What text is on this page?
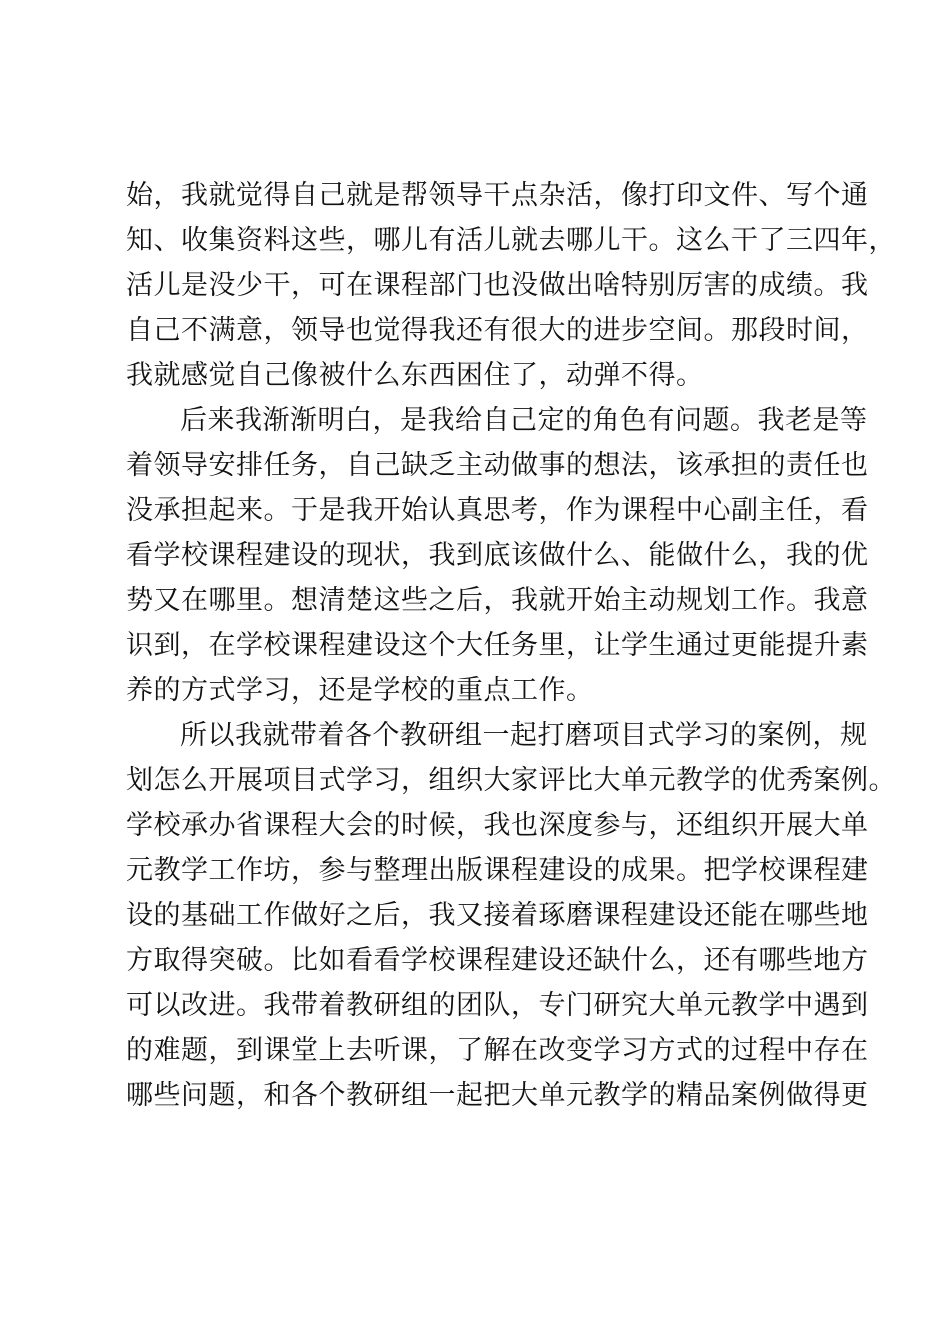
始，我就觉得自己就是帮领导干点杂活，像打印文件、写个通
知、收集资料这些，哪儿有活儿就去哪儿干。这么干了三四年，
活儿是没少干，可在课程部门也没做出啥特别厉害的成绩。我
自己不满意，领导也觉得我还有很大的进步空间。那段时间，
我就感觉自己像被什么东西困住了，动弹不得。
后来我渐渐明白，是我给自己定的角色有问题。我老是等
着领导安排任务，自己缺乏主动做事的想法，该承担的责任也
没承担起来。于是我开始认真思考，作为课程中心副主任，看
看学校课程建设的现状，我到底该做什么、能做什么，我的优
势又在哪里。想清楚这些之后，我就开始主动规划工作。我意
识到，在学校课程建设这个大任务里，让学生通过更能提升素
养的方式学习，还是学校的重点工作。
所以我就带着各个教研组一起打磨项目式学习的案例，规
划怎么开展项目式学习，组织大家评比大单元教学的优秀案例。
学校承办省课程大会的时候，我也深度参与，还组织开展大单
元教学工作坊，参与整理出版课程建设的成果。把学校课程建
设的基础工作做好之后，我又接着琢磨课程建设还能在哪些地
方取得突破。比如看看学校课程建设还缺什么，还有哪些地方
可以改进。我带着教研组的团队，专门研究大单元教学中遇到
的难题，到课堂上去听课，了解在改变学习方式的过程中存在
哪些问题，和各个教研组一起把大单元教学的精品案例做得更
